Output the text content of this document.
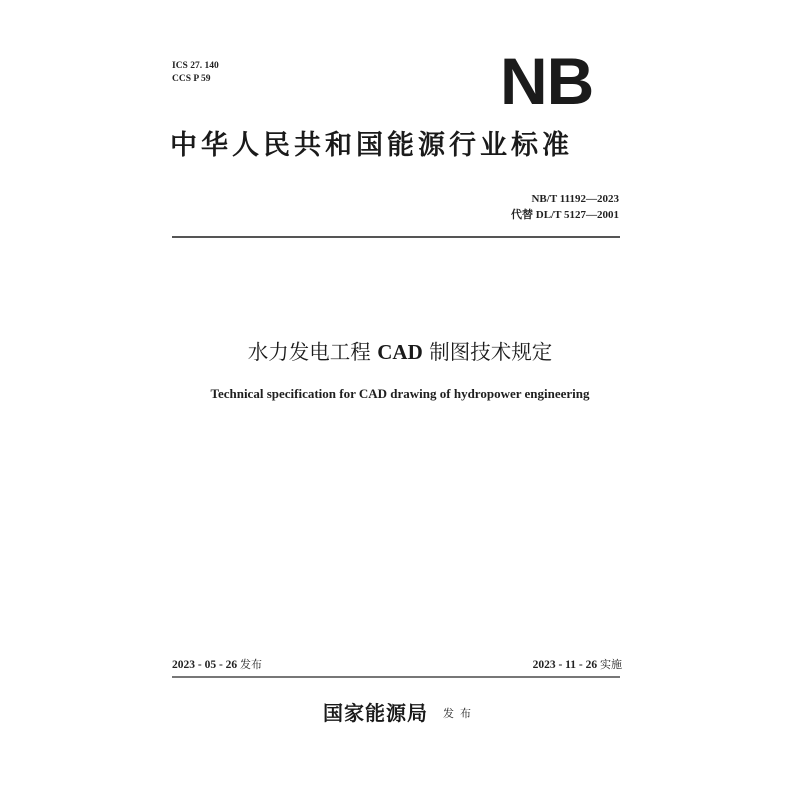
ICS 27. 140
CCS P 59	NB
中华人民共和国能源行业标准
NB/T 11192—2023
代替 DL/T 5127—2001
水力发电工程 CAD 制图技术规定
Technical specification for CAD drawing of hydropower engineering
2023 - 05 - 26 发布	2023 - 11 - 26 实施
国家能源局 发布
